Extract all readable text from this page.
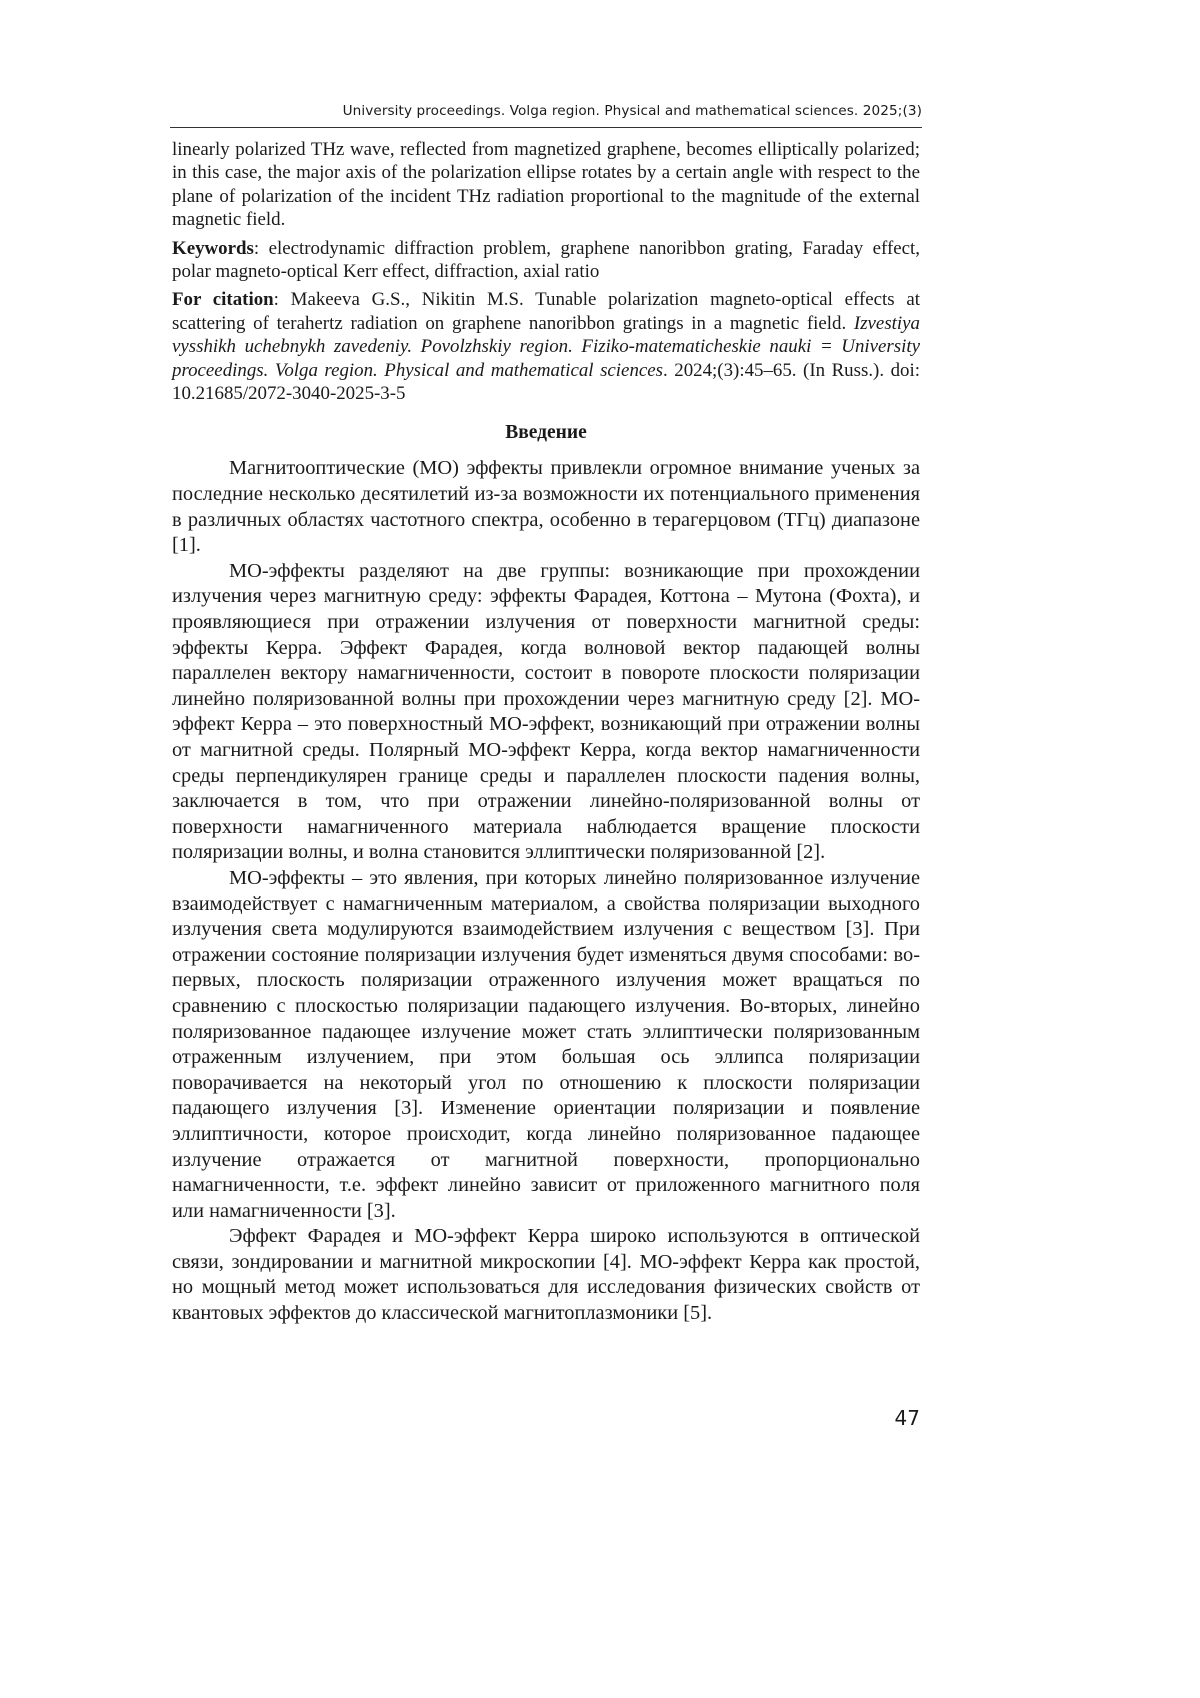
University proceedings. Volga region. Physical and mathematical sciences. 2025;(3)

linearly polarized THz wave, reflected from magnetized graphene, becomes elliptically polarized; in this case, the major axis of the polarization ellipse rotates by a certain angle with respect to the plane of polarization of the incident THz radiation proportional to the magnitude of the external magnetic field.

Keywords: electrodynamic diffraction problem, graphene nanoribbon grating, Faraday effect, polar magneto-optical Kerr effect, diffraction, axial ratio

For citation: Makeeva G.S., Nikitin M.S. Tunable polarization magneto-optical effects at scattering of terahertz radiation on graphene nanoribbon gratings in a magnetic field. Izvestiya vysshikh uchebnykh zavedeniy. Povolzhskiy region. Fiziko-matematicheskie nauki = University proceedings. Volga region. Physical and mathematical sciences. 2024;(3):45–65. (In Russ.). doi: 10.21685/2072-3040-2025-3-5

Введение

Магнитооптические (МО) эффекты привлекли огромное внимание ученых за последние несколько десятилетий из-за возможности их потенциального применения в различных областях частотного спектра, особенно в терагерцовом (ТГц) диапазоне [1].

МО-эффекты разделяют на две группы: возникающие при прохождении излучения через магнитную среду: эффекты Фарадея, Коттона – Мутона (Фохта), и проявляющиеся при отражении излучения от поверхности магнитной среды: эффекты Керра. Эффект Фарадея, когда волновой вектор падающей волны параллелен вектору намагниченности, состоит в повороте плоскости поляризации линейно поляризованной волны при прохождении через магнитную среду [2]. МО-эффект Керра – это поверхностный МО-эффект, возникающий при отражении волны от магнитной среды. Полярный МО-эффект Керра, когда вектор намагниченности среды перпендикулярен границе среды и параллелен плоскости падения волны, заключается в том, что при отражении линейно-поляризованной волны от поверхности намагниченного материала наблюдается вращение плоскости поляризации волны, и волна становится эллиптически поляризованной [2].

МО-эффекты – это явления, при которых линейно поляризованное излучение взаимодействует с намагниченным материалом, а свойства поляризации выходного излучения света модулируются взаимодействием излучения с веществом [3]. При отражении состояние поляризации излучения будет изменяться двумя способами: во-первых, плоскость поляризации отраженного излучения может вращаться по сравнению с плоскостью поляризации падающего излучения. Во-вторых, линейно поляризованное падающее излучение может стать эллиптически поляризованным отраженным излучением, при этом большая ось эллипса поляризации поворачивается на некоторый угол по отношению к плоскости поляризации падающего излучения [3]. Изменение ориентации поляризации и появление эллиптичности, которое происходит, когда линейно поляризованное падающее излучение отражается от магнитной поверхности, пропорционально намагниченности, т.е. эффект линейно зависит от приложенного магнитного поля или намагниченности [3].

Эффект Фарадея и МО-эффект Керра широко используются в оптической связи, зондировании и магнитной микроскопии [4]. МО-эффект Керра как простой, но мощный метод может использоваться для исследования физических свойств от квантовых эффектов до классической магнитоплазмоники [5].

47
